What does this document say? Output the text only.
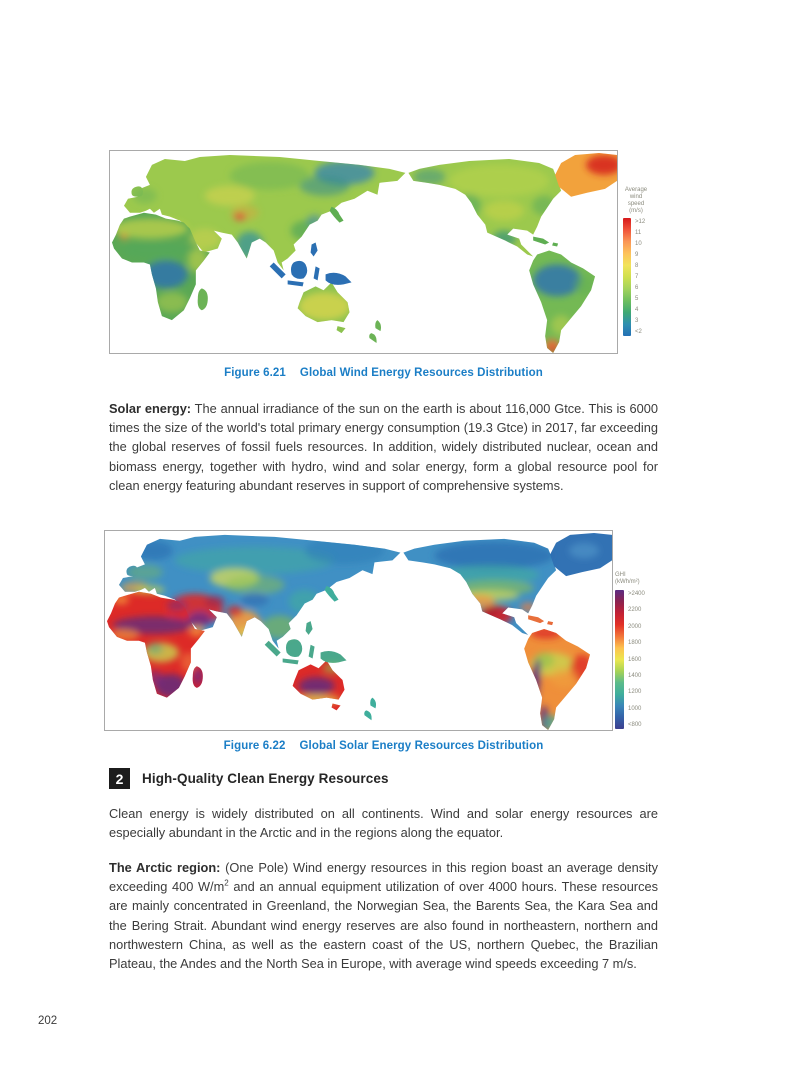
Average
wind
speed
(m/s)
>12
11
10
9
8
7
6
5
4
3
<2
Figure 6.21 Global Wind Energy Resources Distribution

Solar energy: The annual irradiance of the sun on the earth is about 116,000 Gtce. This is 6000 times the size of the world's total primary energy consumption (19.3 Gtce) in 2017, far exceeding the global reserves of fossil fuels resources. In addition, widely distributed nuclear, ocean and biomass energy, together with hydro, wind and solar energy, form a global resource pool for clean energy featuring abundant reserves in support of comprehensive systems.

GHI
(kWh/m²)
>2400
2200
2000
1800
1600
1400
1200
1000
<800
Figure 6.22 Global Solar Energy Resources Distribution
2	High-Quality Clean Energy Resources

Clean energy is widely distributed on all continents. Wind and solar energy resources are especially abundant in the Arctic and in the regions along the equator.

The Arctic region: (One Pole) Wind energy resources in this region boast an average density exceeding 400 $W/m^2$ and an annual equipment utilization of over 4000 hours. These resources are mainly concentrated in Greenland, the Norwegian Sea, the Barents Sea, the Kara Sea and the Bering Strait. Abundant wind energy reserves are also found in northeastern, northern and northwestern China, as well as the eastern coast of the US, northern Quebec, the Brazilian Plateau, the Andes and the North Sea in Europe, with average wind speeds exceeding 7 m/s.

202
